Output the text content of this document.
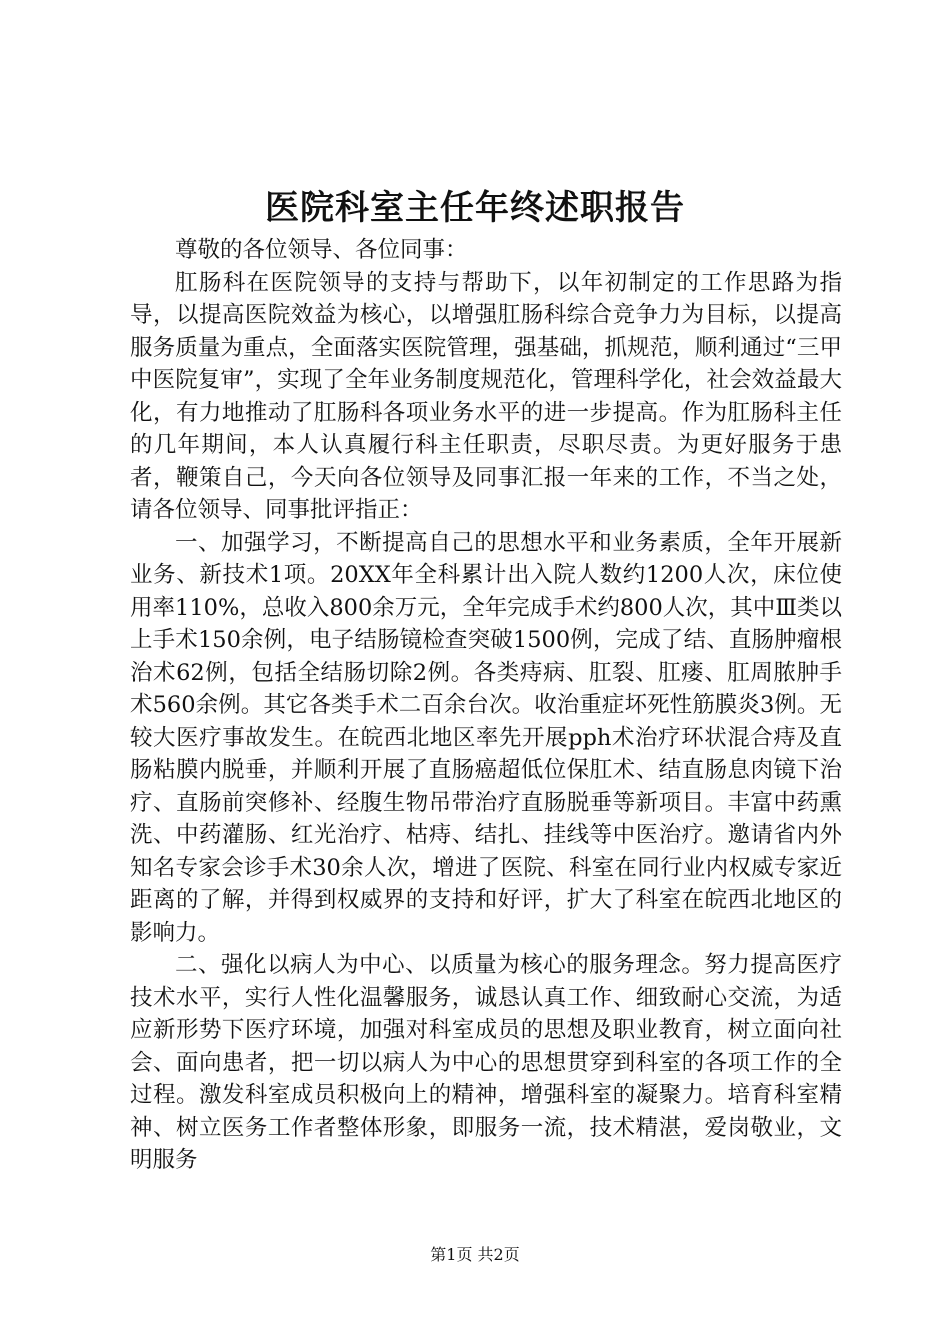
医院科室主任年终述职报告

尊敬的各位领导、各位同事：

肛肠科在医院领导的支持与帮助下，以年初制定的工作思路为指导，以提高医院效益为核心，以增强肛肠科综合竞争力为目标，以提高服务质量为重点，全面落实医院管理，强基础，抓规范，顺利通过“三甲中医院复审”，实现了全年业务制度规范化，管理科学化，社会效益最大化，有力地推动了肛肠科各项业务水平的进一步提高。作为肛肠科主任的几年期间，本人认真履行科主任职责，尽职尽责。为更好服务于患者，鞭策自己，今天向各位领导及同事汇报一年来的工作，不当之处，请各位领导、同事批评指正：

一、加强学习，不断提高自己的思想水平和业务素质，全年开展新业务、新技术1项。20XX年全科累计出入院人数约1200人次，床位使用率110%，总收入800余万元，全年完成手术约800人次，其中Ⅲ类以上手术150余例，电子结肠镜检查突破1500例，完成了结、直肠肿瘤根治术62例，包括全结肠切除2例。各类痔病、肛裂、肛瘘、肛周脓肿手术560余例。其它各类手术二百余台次。收治重症坏死性筋膜炎3例。无较大医疗事故发生。在皖西北地区率先开展pph术治疗环状混合痔及直肠粘膜内脱垂，并顺利开展了直肠癌超低位保肛术、结直肠息肉镜下治疗、直肠前突修补、经腹生物吊带治疗直肠脱垂等新项目。丰富中药熏洗、中药灌肠、红光治疗、枯痔、结扎、挂线等中医治疗。邀请省内外知名专家会诊手术30余人次，增进了医院、科室在同行业内权威专家近距离的了解，并得到权威界的支持和好评，扩大了科室在皖西北地区的影响力。

二、强化以病人为中心、以质量为核心的服务理念。努力提高医疗技术水平，实行人性化温馨服务，诚恳认真工作、细致耐心交流，为适应新形势下医疗环境，加强对科室成员的思想及职业教育，树立面向社会、面向患者，把一切以病人为中心的思想贯穿到科室的各项工作的全过程。激发科室成员积极向上的精神，增强科室的凝聚力。培育科室精神、树立医务工作者整体形象，即服务一流，技术精湛，爱岗敬业，文明服务

第1页 共2页
